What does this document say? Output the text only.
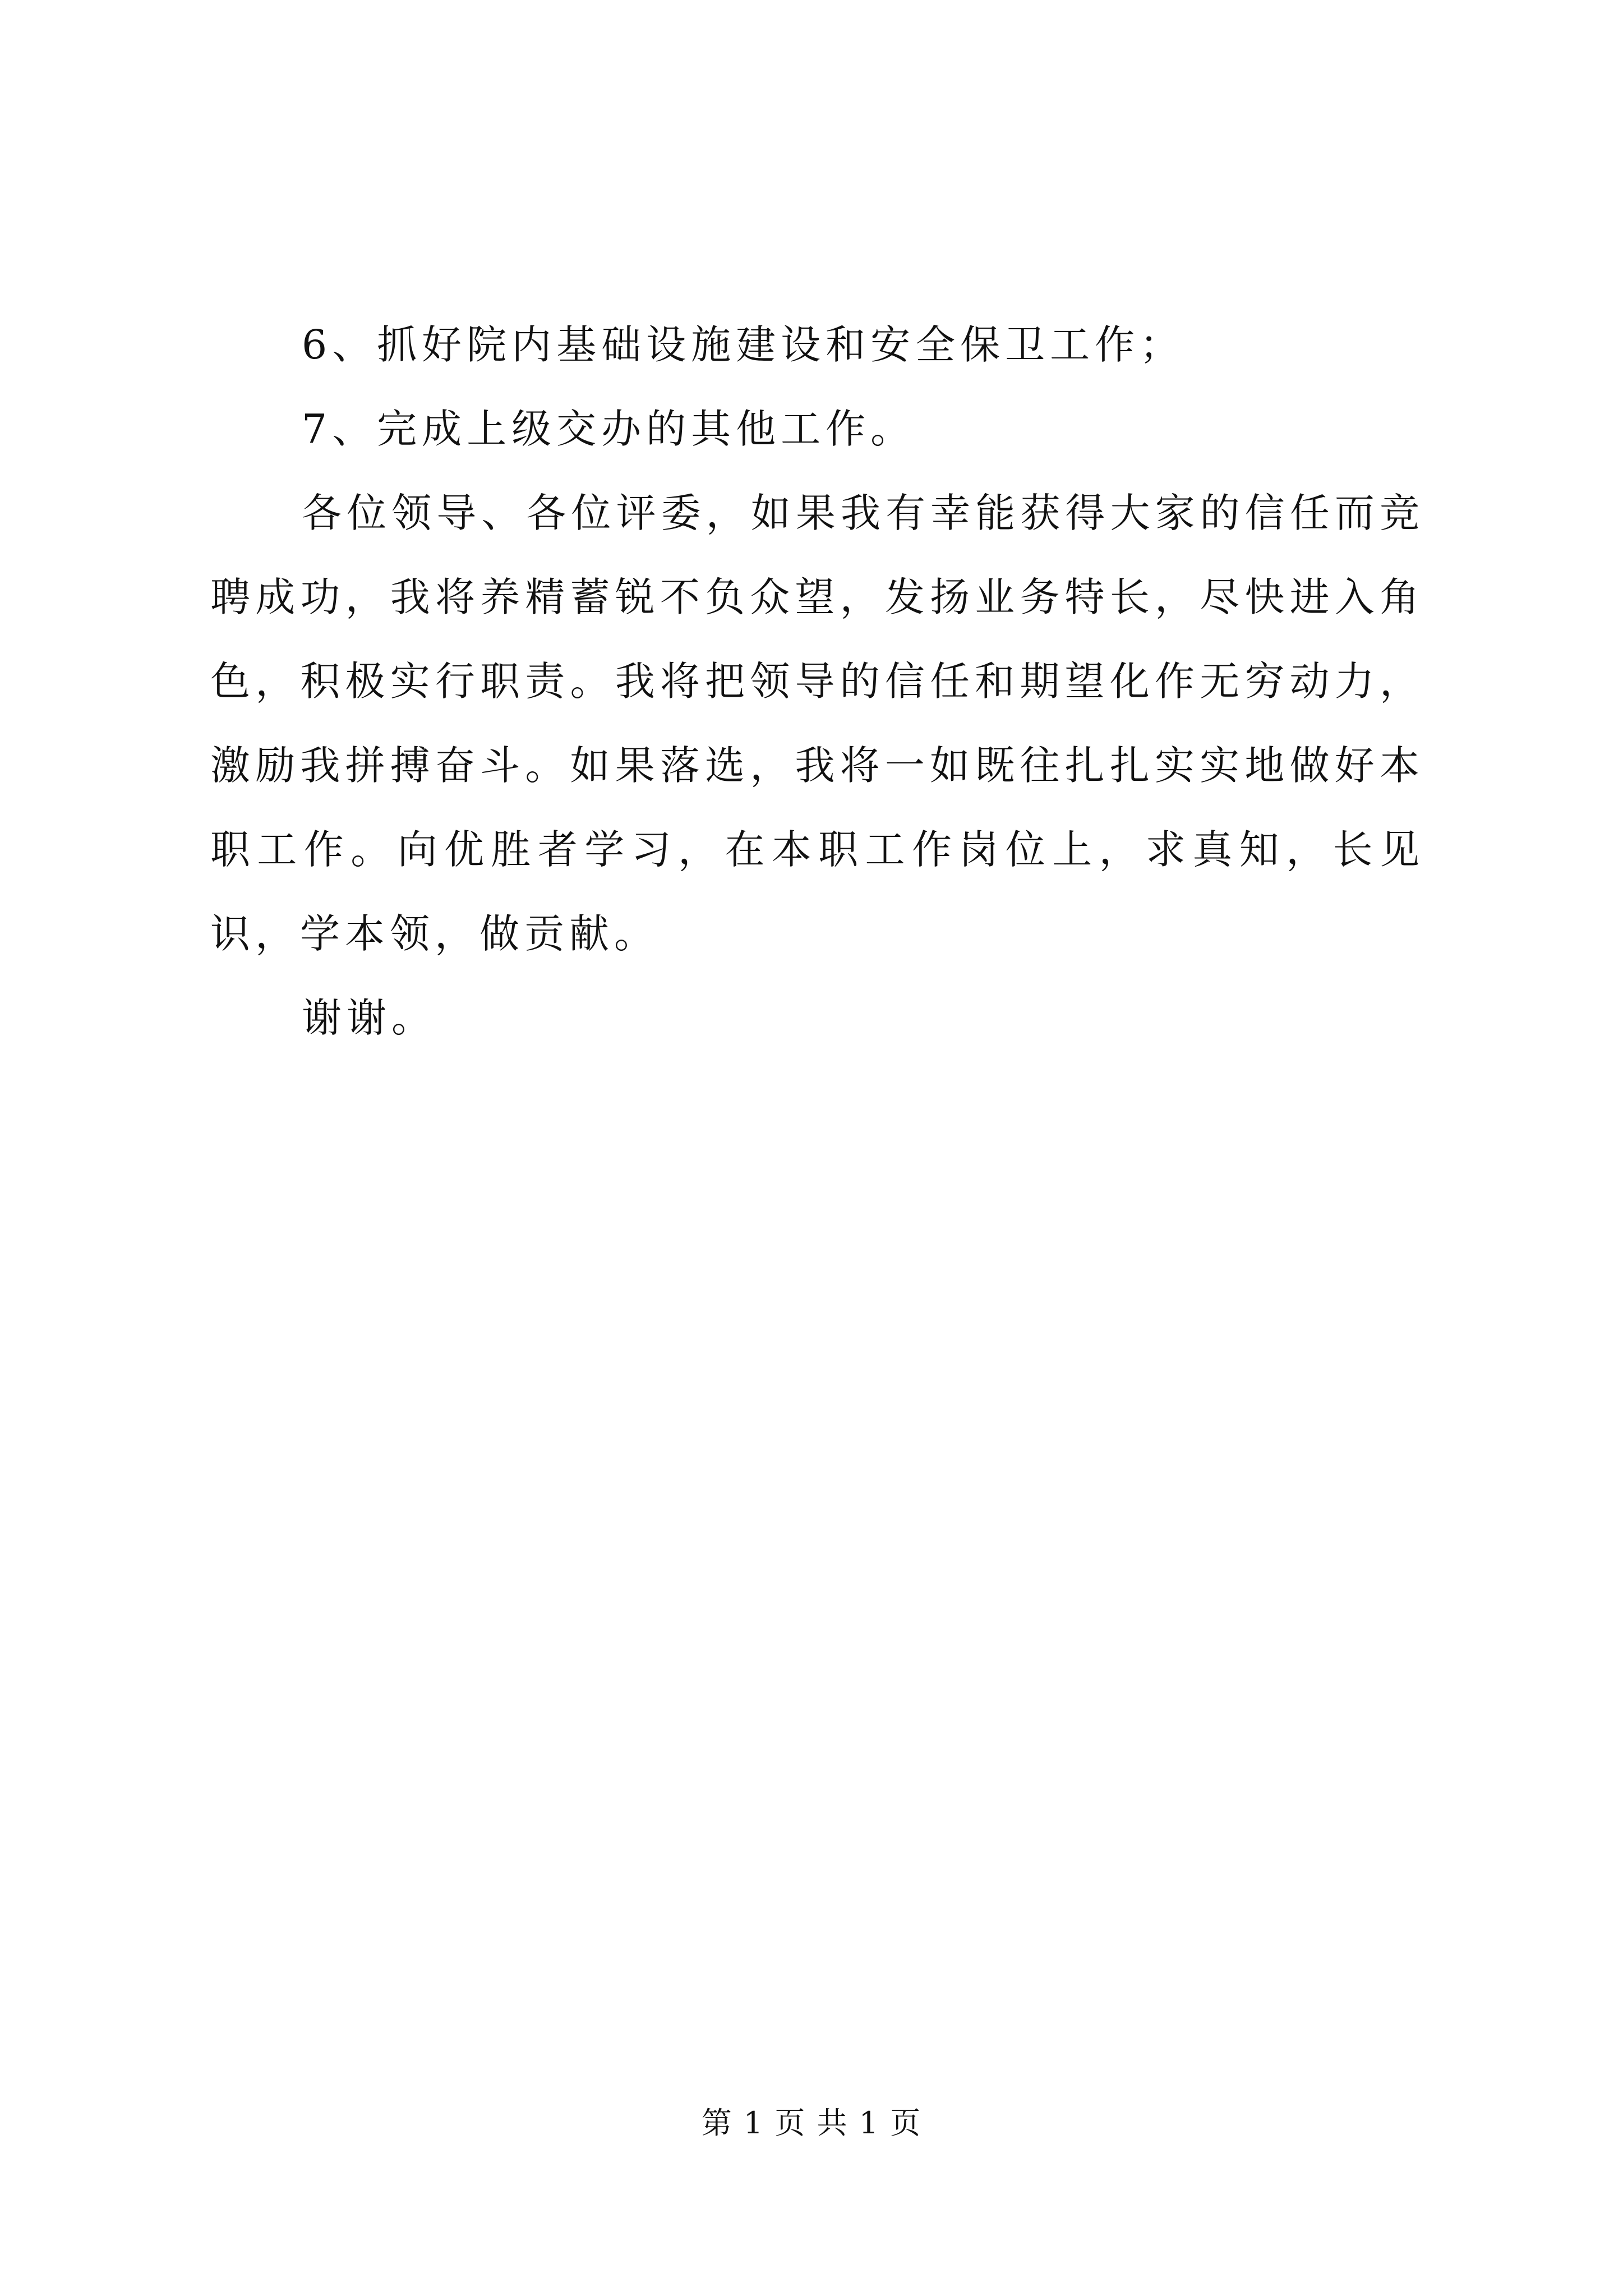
6、抓好院内基础设施建设和安全保卫工作；

7、完成上级交办的其他工作。

各位领导、各位评委，如果我有幸能获得大家的信任而竞聘成功，我将养精蓄锐不负众望，发扬业务特长，尽快进入角色，积极实行职责。我将把领导的信任和期望化作无穷动力，激励我拼搏奋斗。如果落选，我将一如既往扎扎实实地做好本职工作。向优胜者学习，在本职工作岗位上，求真知，长见识，学本领，做贡献。

谢谢。

第 1 页 共 1 页
